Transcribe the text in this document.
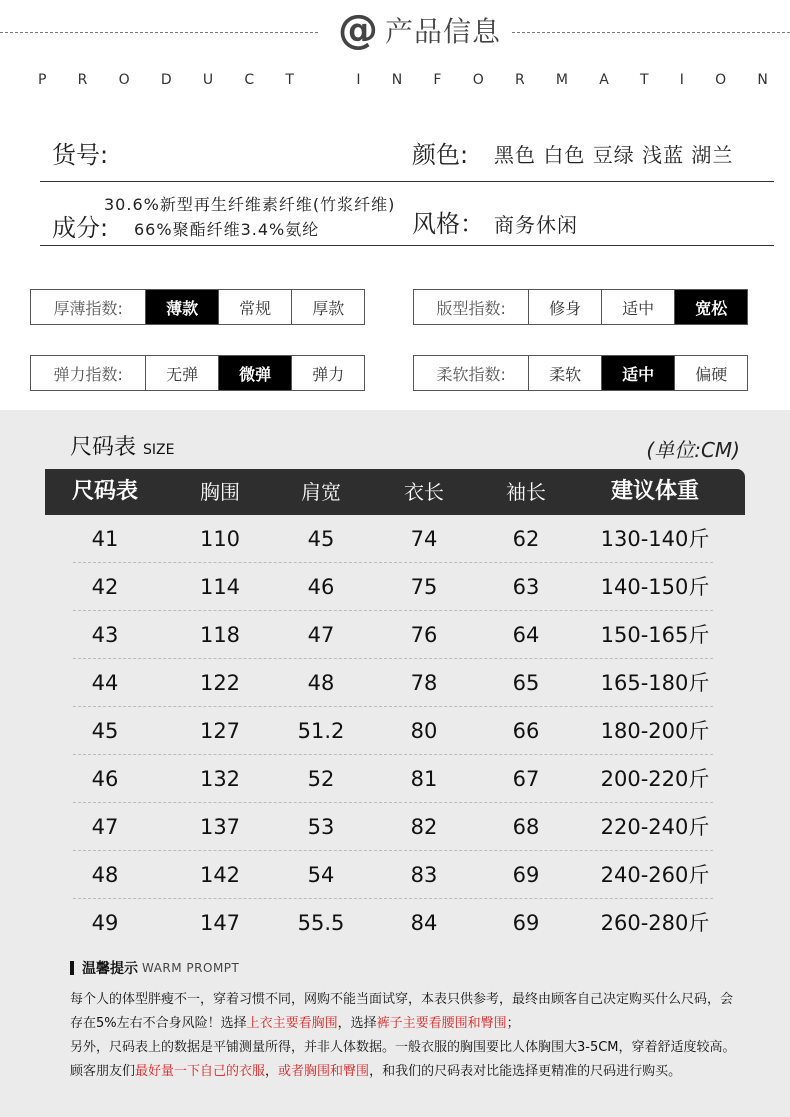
@ 产品信息
P R O D U C T	I N F O R M A T I O N
货号:	颜色: 黑色 白色 豆绿 浅蓝 湖兰
30.6%新型再生纤维素纤维(竹浆纤维)
成分: 66%聚酯纤维3.4%氨纶	风格： 商务休闲
厚薄指数:	薄款	常规	厚款	版型指数:	修身	适中	宽松
弹力指数:	无弹	微弹	弹力	柔软指数:	柔软	适中	偏硬
尺码表 SIZE	(单位:CM)
尺码表	胸围	肩宽	衣长	袖长	建议体重
41	110	45	74	62	130-140斤
42	114	46	75	63	140-150斤
43	118	47	76	64	150-165斤
44	122	48	78	65	165-180斤
45	127	51.2	80	66	180-200斤
46	132	52	81	67	200-220斤
47	137	53	82	68	220-240斤
48	142	54	83	69	240-260斤
49	147	55.5	84	69	260-280斤
温馨提示 WARM PROMPT
每个人的体型胖瘦不一，穿着习惯不同，网购不能当面试穿，本表只供参考，最终由顾客自己决定购买什么尺码，会存在5%左右不合身风险！选择上衣主要看胸围，选择裤子主要看腰围和臀围；
另外，尺码表上的数据是平铺测量所得，并非人体数据。一般衣服的胸围要比人体胸围大3-5CM，穿着舒适度较高。顾客朋友们最好量一下自己的衣服，或者胸围和臀围，和我们的尺码表对比能选择更精准的尺码进行购买。
